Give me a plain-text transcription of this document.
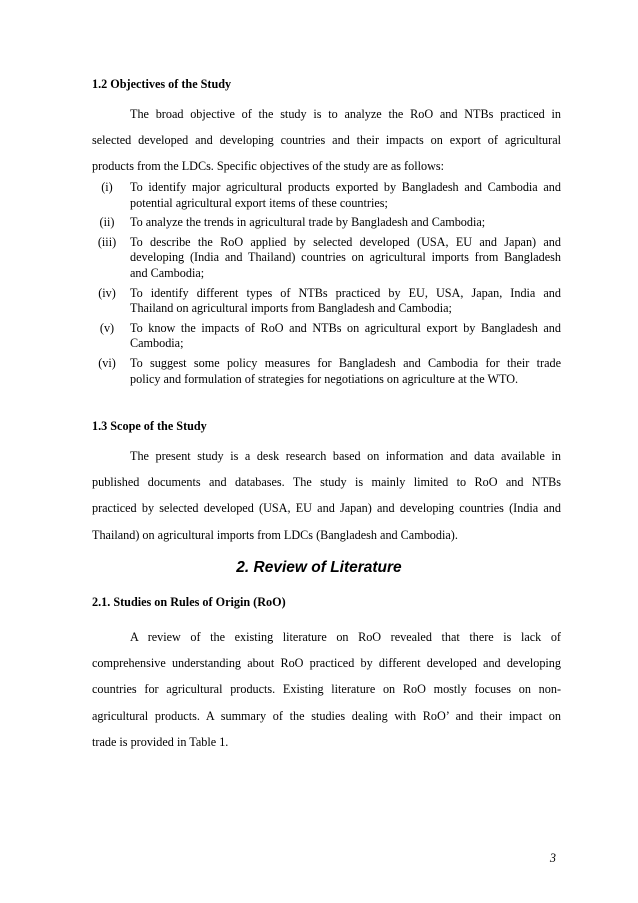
1.2 Objectives of the Study
The broad objective of the study is to analyze the RoO and NTBs practiced in
selected developed and developing countries and their impacts on export of agricultural
products from the LDCs. Specific objectives of the study are as follows:
(i)	To identify major agricultural products exported by Bangladesh and Cambodia and
potential agricultural export items of these countries;
(ii)	To analyze the trends in agricultural trade by Bangladesh and Cambodia;
(iii)	To describe the RoO applied by selected developed (USA, EU and Japan) and
developing (India and Thailand) countries on agricultural imports from Bangladesh
and Cambodia;
(iv)	To identify different types of NTBs practiced by EU, USA, Japan, India and
Thailand on agricultural imports from Bangladesh and Cambodia;
(v)	To know the impacts of RoO and NTBs on agricultural export by Bangladesh and
Cambodia;
(vi)	To suggest some policy measures for Bangladesh and Cambodia for their trade
policy and formulation of strategies for negotiations on agriculture at the WTO.
1.3 Scope of the Study
The present study is a desk research based on information and data available in
published documents and databases. The study is mainly limited to RoO and NTBs
practiced by selected developed (USA, EU and Japan) and developing countries (India and
Thailand) on agricultural imports from LDCs (Bangladesh and Cambodia).
2. Review of Literature
2.1. Studies on Rules of Origin (RoO)
A review of the existing literature on RoO revealed that there is lack of
comprehensive understanding about RoO practiced by different developed and developing
countries for agricultural products. Existing literature on RoO mostly focuses on non-
agricultural products. A summary of the studies dealing with RoO’ and their impact on
trade is provided in Table 1.

3
